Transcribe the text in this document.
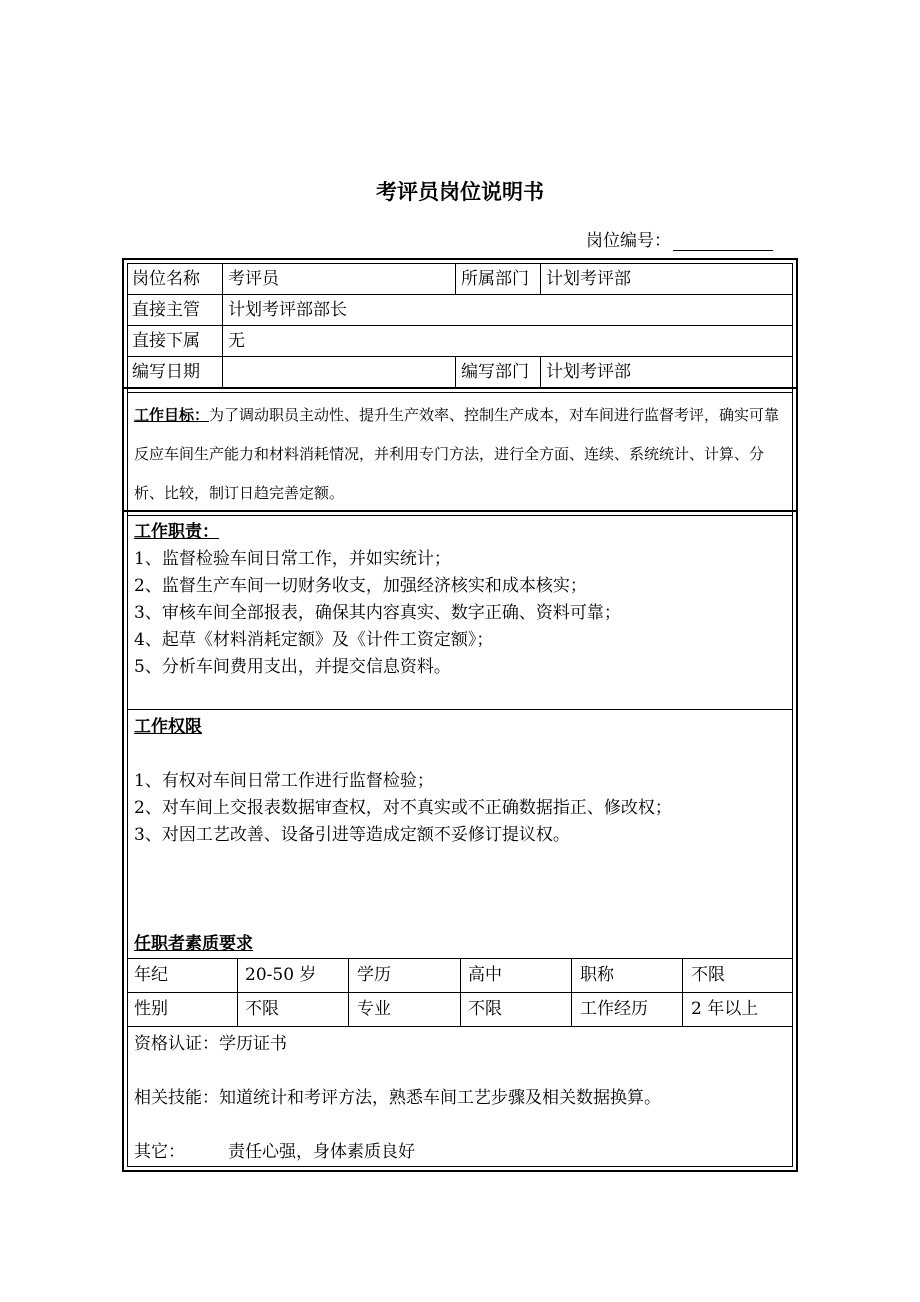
考评员岗位说明书
岗位编号：
岗位名称 考评员	所属部门 计划考评部
直接主管 计划考评部部长
直接下属 无
编写日期	编写部门 计划考评部
工作目标：为了调动职员主动性、提升生产效率、控制生产成本，对车间进行监督考评，确实可靠反应车间生产能力和材料消耗情况，并利用专门方法，进行全方面、连续、系统统计、计算、分析、比较，制订日趋完善定额。
工作职责：
1、监督检验车间日常工作，并如实统计；
2、监督生产车间一切财务收支，加强经济核实和成本核实；
3、审核车间全部报表，确保其内容真实、数字正确、资料可靠；
4、起草《材料消耗定额》及《计件工资定额》；
5、分析车间费用支出，并提交信息资料。
工作权限
1、有权对车间日常工作进行监督检验；
2、对车间上交报表数据审查权，对不真实或不正确数据指正、修改权；
3、对因工艺改善、设备引进等造成定额不妥修订提议权。
任职者素质要求
年纪	20-50 岁 学历	高中	职称	不限
性别	不限	专业	不限	工作经历	2 年以上
资格认证：学历证书
相关技能：知道统计和考评方法，熟悉车间工艺步骤及相关数据换算。
其它：	责任心强，身体素质良好
